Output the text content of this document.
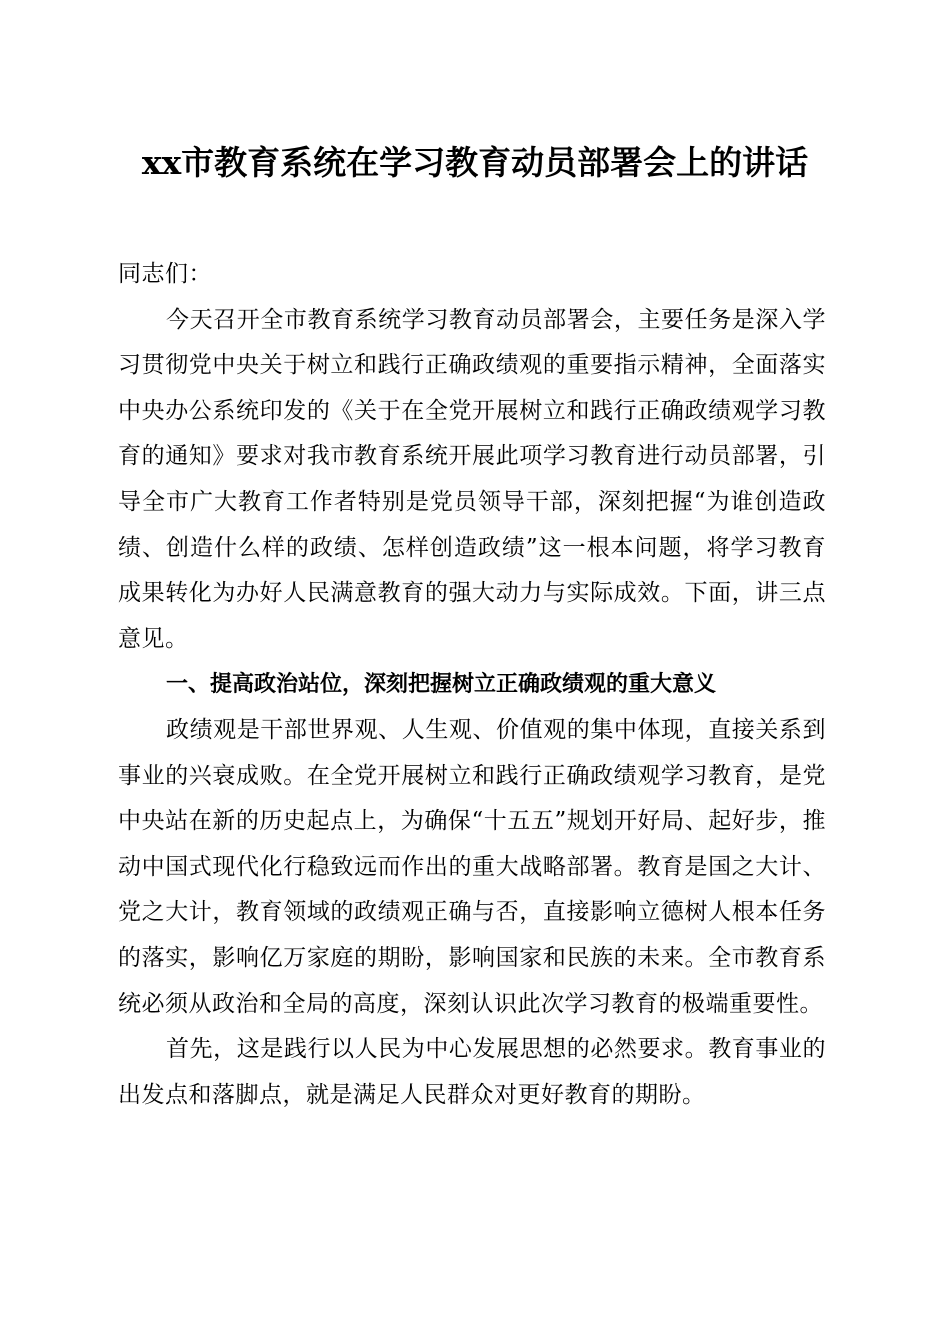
xx市教育系统在学习教育动员部署会上的讲话

同志们：

今天召开全市教育系统学习教育动员部署会，主要任务是深入学习贯彻党中央关于树立和践行正确政绩观的重要指示精神，全面落实中央办公系统印发的《关于在全党开展树立和践行正确政绩观学习教育的通知》要求对我市教育系统开展此项学习教育进行动员部署，引导全市广大教育工作者特别是党员领导干部，深刻把握“为谁创造政绩、创造什么样的政绩、怎样创造政绩”这一根本问题，将学习教育成果转化为办好人民满意教育的强大动力与实际成效。下面，讲三点意见。

一、提高政治站位，深刻把握树立正确政绩观的重大意义

政绩观是干部世界观、人生观、价值观的集中体现，直接关系到事业的兴衰成败。在全党开展树立和践行正确政绩观学习教育，是党中央站在新的历史起点上，为确保“十五五”规划开好局、起好步，推动中国式现代化行稳致远而作出的重大战略部署。教育是国之大计、党之大计，教育领域的政绩观正确与否，直接影响立德树人根本任务的落实，影响亿万家庭的期盼，影响国家和民族的未来。全市教育系统必须从政治和全局的高度，深刻认识此次学习教育的极端重要性。

首先，这是践行以人民为中心发展思想的必然要求。教育事业的出发点和落脚点，就是满足人民群众对更好教育的期盼。
